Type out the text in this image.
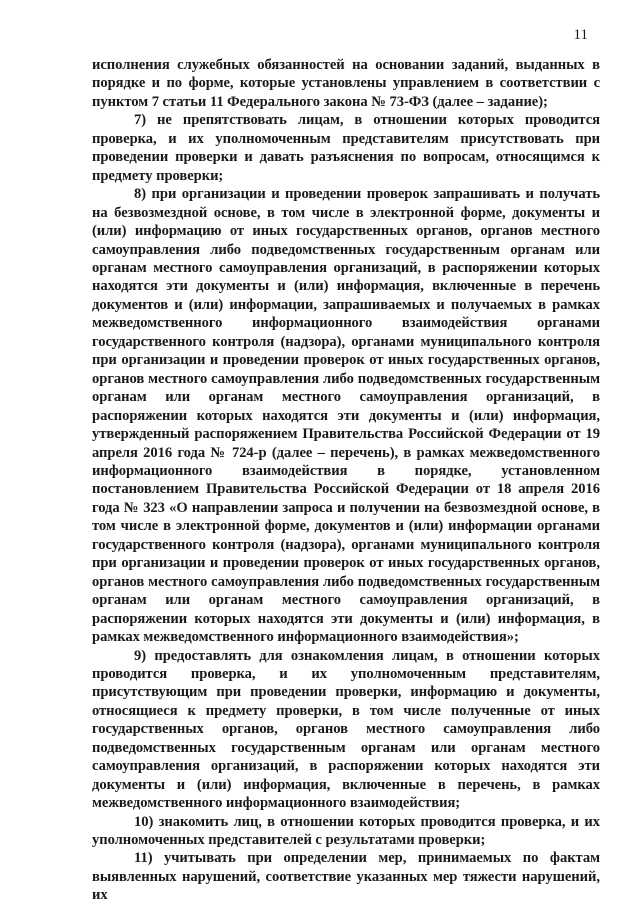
11

исполнения служебных обязанностей на основании заданий, выданных в порядке и по форме, которые установлены управлением в соответствии с пунктом 7 статьи 11 Федерального закона № 73-ФЗ (далее – задание);

7) не препятствовать лицам, в отношении которых проводится проверка, и их уполномоченным представителям присутствовать при проведении проверки и давать разъяснения по вопросам, относящимся к предмету проверки;

8) при организации и проведении проверок запрашивать и получать на безвозмездной основе, в том числе в электронной форме, документы и (или) информацию от иных государственных органов, органов местного самоуправления либо подведомственных государственным органам или органам местного самоуправления организаций, в распоряжении которых находятся эти документы и (или) информация, включенные в перечень документов и (или) информации, запрашиваемых и получаемых в рамках межведомственного информационного взаимодействия органами государственного контроля (надзора), органами муниципального контроля при организации и проведении проверок от иных государственных органов, органов местного самоуправления либо подведомственных государственным органам или органам местного самоуправления организаций, в распоряжении которых находятся эти документы и (или) информация, утвержденный распоряжением Правительства Российской Федерации от 19 апреля 2016 года № 724-р (далее – перечень), в рамках межведомственного информационного взаимодействия в порядке, установленном постановлением Правительства Российской Федерации от 18 апреля 2016 года № 323 «О направлении запроса и получении на безвозмездной основе, в том числе в электронной форме, документов и (или) информации органами государственного контроля (надзора), органами муниципального контроля при организации и проведении проверок от иных государственных органов, органов местного самоуправления либо подведомственных государственным органам или органам местного самоуправления организаций, в распоряжении которых находятся эти документы и (или) информация, в рамках межведомственного информационного взаимодействия»;

9) предоставлять для ознакомления лицам, в отношении которых проводится проверка, и их уполномоченным представителям, присутствующим при проведении проверки, информацию и документы, относящиеся к предмету проверки, в том числе полученные от иных государственных органов, органов местного самоуправления либо подведомственных государственным органам или органам местного самоуправления организаций, в распоряжении которых находятся эти документы и (или) информация, включенные в перечень, в рамках межведомственного информационного взаимодействия;

10) знакомить лиц, в отношении которых проводится проверка, и их уполномоченных представителей с результатами проверки;

11) учитывать при определении мер, принимаемых по фактам выявленных нарушений, соответствие указанных мер тяжести нарушений, их
